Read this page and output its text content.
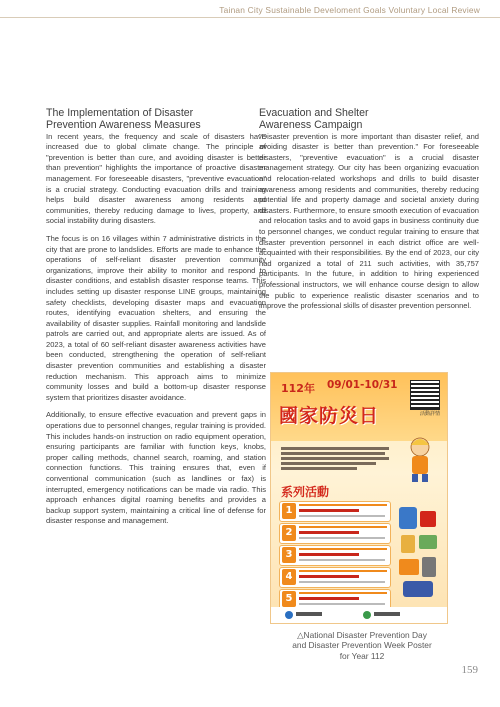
Tainan City Sustainable Develoment Goals Voluntary Local Review
The Implementation of Disaster
Prevention Awareness Measures

In recent years, the frequency and scale of disasters have increased due to global climate change. The principle of "prevention is better than cure, and avoiding disaster is better than prevention" highlights the importance of proactive disaster management. For foreseeable disasters, "preventive evacuation" is a crucial strategy. Conducting evacuation drills and training helps build disaster awareness among residents and communities, thereby reducing damage to lives, property, and social instability during disasters.

The focus is on 16 villages within 7 administrative districts in the city that are prone to landslides. Efforts are made to enhance the operations of self-reliant disaster prevention community organizations, improve their ability to monitor and respond to disaster conditions, and establish disaster response teams. This includes setting up disaster response LINE groups, maintaining safety checklists, developing disaster maps and evacuation routes, identifying evacuation shelters, and ensuring the availability of disaster supplies. Rainfall monitoring and landslide patrols are carried out, and appropriate alerts are issued. As of 2023, a total of 60 self-reliant disaster awareness activities have been conducted, strengthening the operation of self-reliant disaster prevention communities and establishing a disaster reduction mechanism. This approach aims to minimize community losses and build a bottom-up disaster response system that prioritizes disaster avoidance.

Additionally, to ensure effective evacuation and prevent gaps in operations due to personnel changes, regular training is provided. This includes hands-on instruction on radio equipment operation, ensuring participants are familiar with function keys, knobs, proper calling methods, channel search, roaming, and station connection functions. This training ensures that, even if conventional communication (such as landlines or fax) is interrupted, emergency notifications can be made via radio. This approach enhances digital roaming benefits and provides a backup support system, maintaining a critical line of defense for disaster response and management.

Evacuation and Shelter
Awareness Campaign

"Disaster prevention is more important than disaster relief, and avoiding disaster is better than prevention." For foreseeable disasters, "preventive evacuation" is a crucial disaster management strategy. Our city has been organizing evacuation and relocation-related workshops and drills to build disaster awareness among residents and communities, thereby reducing potential life and property damage and societal anxiety during disasters. Furthermore, to ensure smooth execution of evacuation and relocation tasks and to avoid gaps in business continuity due to personnel changes, we conduct regular training to ensure that disaster prevention personnel in each district office are well-acquainted with their responsibilities. By the end of 2023, our city had organized a total of 211 such activities, with 35,757 participants. In the future, in addition to hiring experienced professional instructors, we will enhance course design to allow the public to experience realistic disaster scenarios and to improve the professional skills of disaster prevention personnel.

112年 09/01-10/31
國家防災日	活動詳情
系列活動
1
2
3
4
5
△National Disaster Prevention Day
and Disaster Prevention Week Poster
for Year 112
159
